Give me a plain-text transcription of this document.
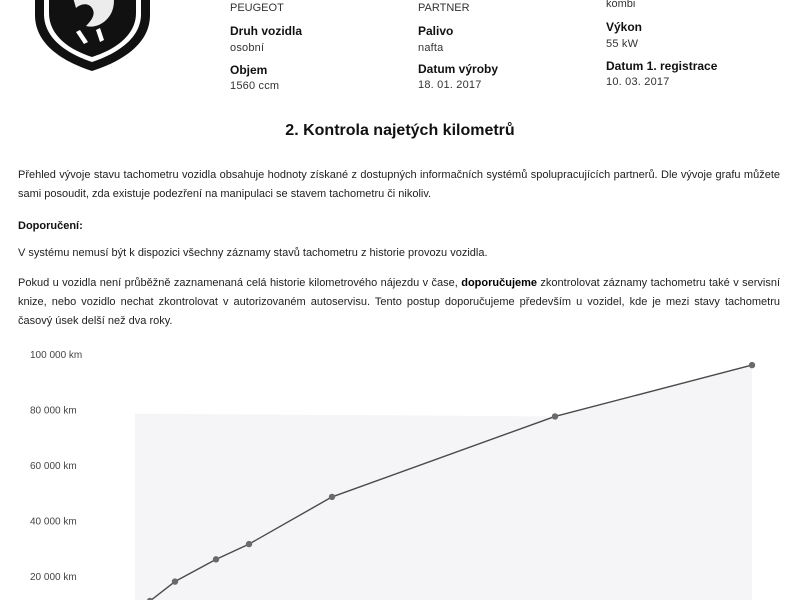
PEUGEOT	PARTNER	kombi
Druh vozidla
osobní
Palivo
nafta
Výkon
55 kW
Objem
1560 ccm
Datum výroby
18. 01. 2017
Datum 1. registrace
10. 03. 2017
2. Kontrola najetých kilometrů

Přehled vývoje stavu tachometru vozidla obsahuje hodnoty získané z dostupných informačních systémů spolupracujících partnerů. Dle vývoje grafu můžete sami posoudit, zda existuje podezření na manipulaci se stavem tachometru či nikoliv.

Doporučení:

V systému nemusí být k dispozici všechny záznamy stavů tachometru z historie provozu vozidla.

Pokud u vozidla není průběžně zaznamenaná celá historie kilometrového nájezdu v čase, doporučujeme zkontrolovat záznamy tachometru také v servisní knize, nebo vozidlo nechat zkontrolovat v autorizovaném autoservisu. Tento postup doporučujeme především u vozidel, kde je mezi stavy tachometru časový úsek delší než dva roky.

100 000 km
80 000 km
60 000 km
40 000 km
20 000 km
